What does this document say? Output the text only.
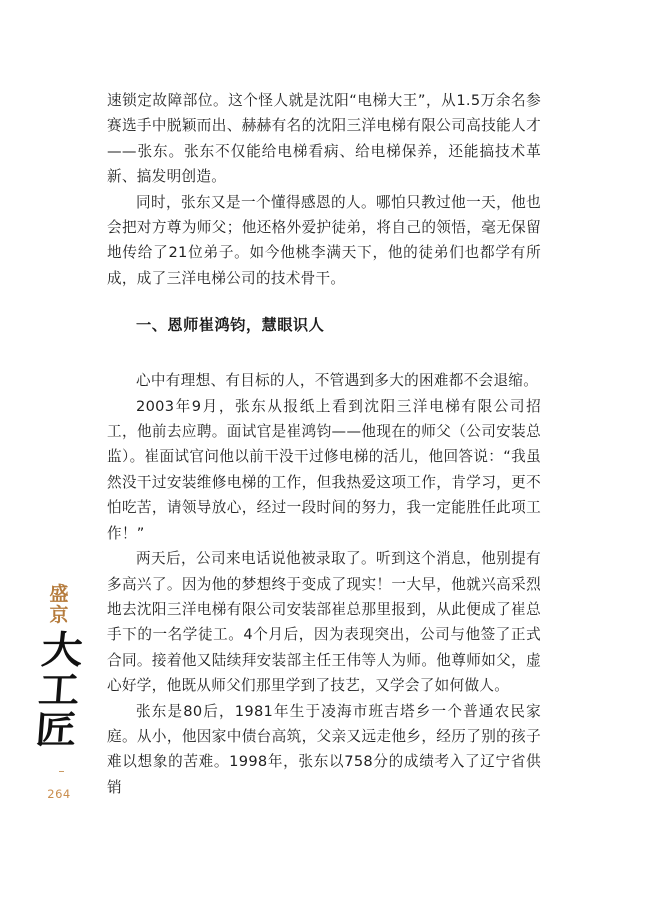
速锁定故障部位。这个怪人就是沈阳“电梯大王”，从1.5万余名参赛选手中脱颖而出、赫赫有名的沈阳三洋电梯有限公司高技能人才——张东。张东不仅能给电梯看病、给电梯保养，还能搞技术革新、搞发明创造。

同时，张东又是一个懂得感恩的人。哪怕只教过他一天，他也会把对方尊为师父；他还格外爱护徒弟，将自己的领悟，毫无保留地传给了21位弟子。如今他桃李满天下，他的徒弟们也都学有所成，成了三洋电梯公司的技术骨干。

一、恩师崔鸿钧，慧眼识人

心中有理想、有目标的人，不管遇到多大的困难都不会退缩。

2003年9月，张东从报纸上看到沈阳三洋电梯有限公司招工，他前去应聘。面试官是崔鸿钧——他现在的师父（公司安装总监）。崔面试官问他以前干没干过修电梯的活儿，他回答说：“我虽然没干过安装维修电梯的工作，但我热爱这项工作，肯学习，更不怕吃苦，请领导放心，经过一段时间的努力，我一定能胜任此项工作！”

两天后，公司来电话说他被录取了。听到这个消息，他别提有多高兴了。因为他的梦想终于变成了现实！一大早，他就兴高采烈地去沈阳三洋电梯有限公司安装部崔总那里报到，从此便成了崔总手下的一名学徒工。4个月后，因为表现突出，公司与他签了正式合同。接着他又陆续拜安装部主任王伟等人为师。他尊师如父，虚心好学，他既从师父们那里学到了技艺，又学会了如何做人。

张东是80后，1981年生于凌海市班吉塔乡一个普通农民家庭。从小，他因家中债台高筑，父亲又远走他乡，经历了别的孩子难以想象的苦难。1998年，张东以758分的成绩考入了辽宁省供销

盛京
大工匠
264
